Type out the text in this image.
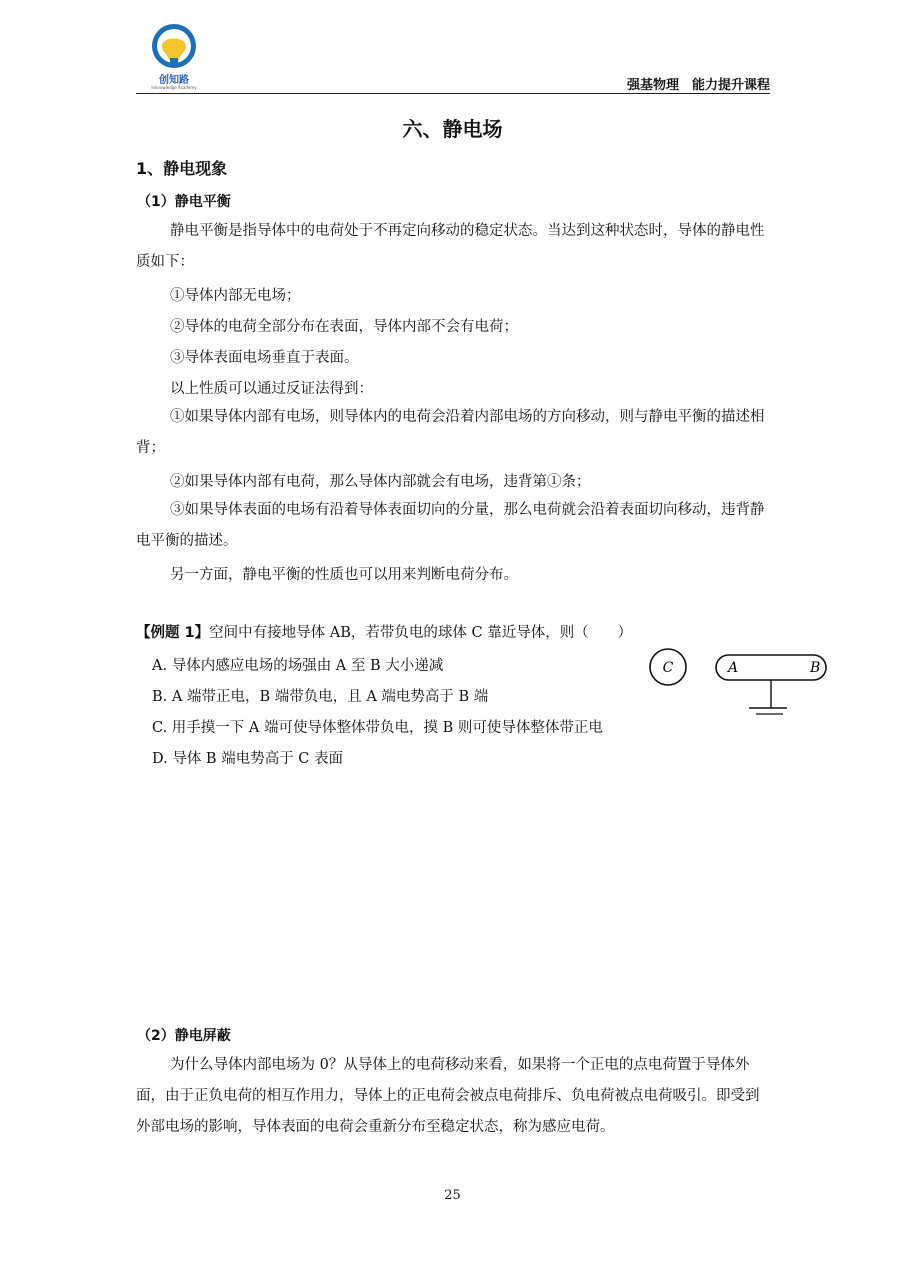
创知路
Inknowledge Academy	强基物理　能力提升课程
六、静电场
1、静电现象
（1）静电平衡
静电平衡是指导体中的电荷处于不再定向移动的稳定状态。当达到这种状态时，导体的静电性质如下：
①导体内部无电场；
②导体的电荷全部分布在表面，导体内部不会有电荷；
③导体表面电场垂直于表面。
以上性质可以通过反证法得到：
①如果导体内部有电场，则导体内的电荷会沿着内部电场的方向移动，则与静电平衡的描述相背；
②如果导体内部有电荷，那么导体内部就会有电场，违背第①条；
③如果导体表面的电场有沿着导体表面切向的分量，那么电荷就会沿着表面切向移动，违背静电平衡的描述。
另一方面，静电平衡的性质也可以用来判断电荷分布。
【例题 1】空间中有接地导体 AB，若带负电的球体 C 靠近导体，则（　　）
A. 导体内感应电场的场强由 A 至 B 大小递减
B. A 端带正电，B 端带负电，且 A 端电势高于 B 端
C. 用手摸一下 A 端可使导体整体带负电，摸 B 则可使导体整体带正电
D. 导体 B 端电势高于 C 表面
C	A	B
（2）静电屏蔽
为什么导体内部电场为 0？从导体上的电荷移动来看，如果将一个正电的点电荷置于导体外面，由于正负电荷的相互作用力，导体上的正电荷会被点电荷排斥、负电荷被点电荷吸引。即受到外部电场的影响，导体表面的电荷会重新分布至稳定状态，称为感应电荷。
25
